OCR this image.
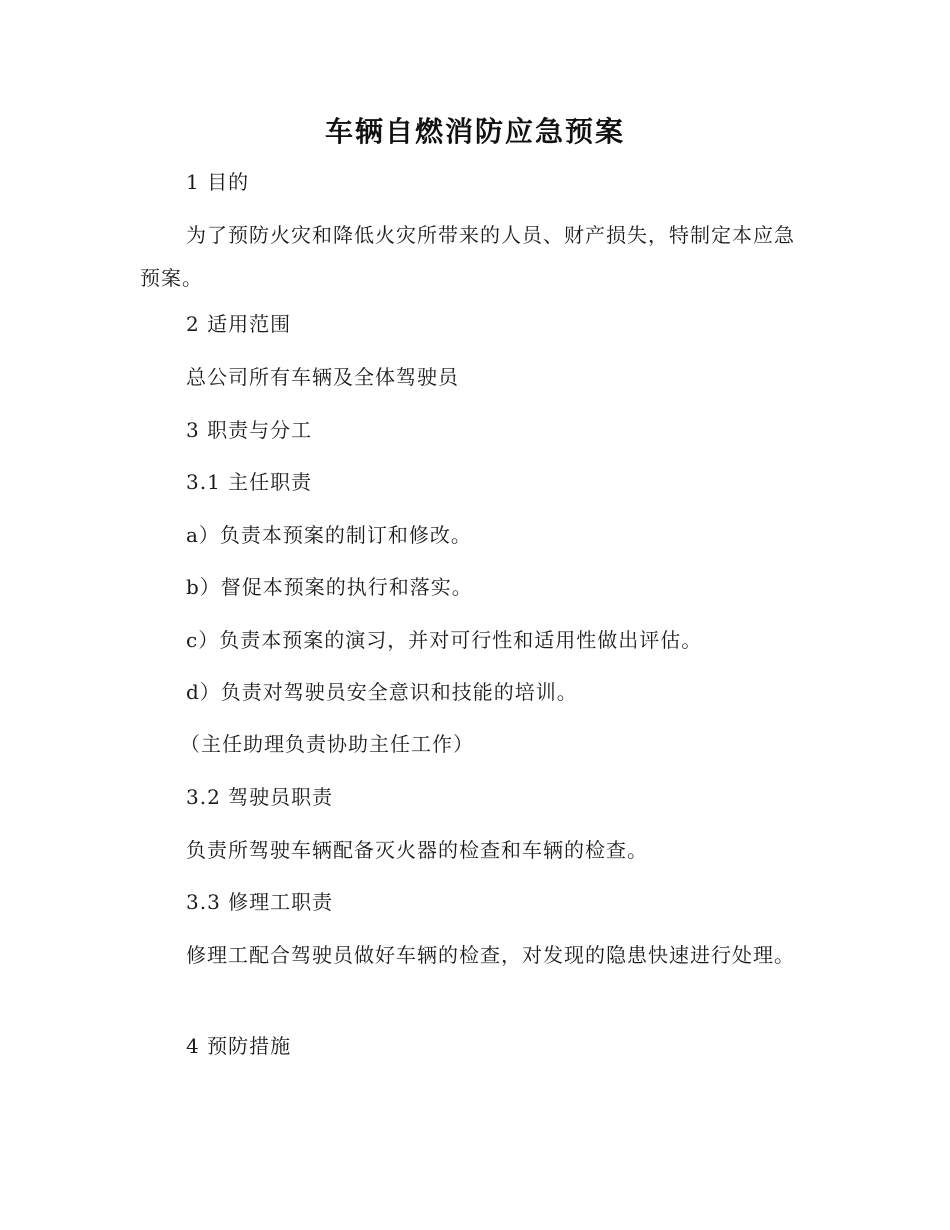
车辆自燃消防应急预案
1 目的
为了预防火灾和降低火灾所带来的人员、财产损失，特制定本应急预案。
2 适用范围
总公司所有车辆及全体驾驶员
3 职责与分工
3.1 主任职责
a）负责本预案的制订和修改。
b）督促本预案的执行和落实。
c）负责本预案的演习，并对可行性和适用性做出评估。
d）负责对驾驶员安全意识和技能的培训。
（主任助理负责协助主任工作）
3.2 驾驶员职责
负责所驾驶车辆配备灭火器的检查和车辆的检查。
3.3 修理工职责
修理工配合驾驶员做好车辆的检查，对发现的隐患快速进行处理。
4 预防措施
